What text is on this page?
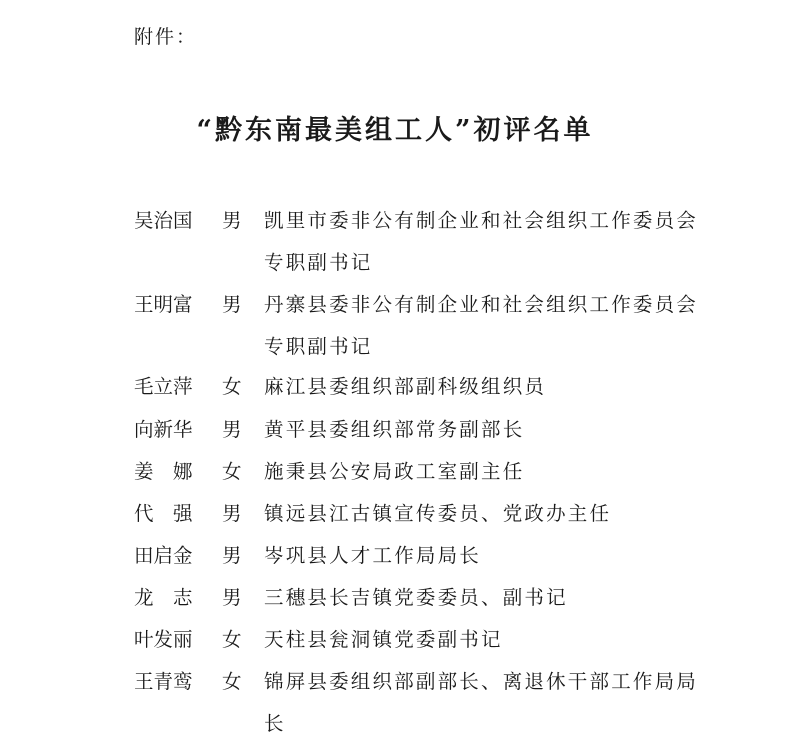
附件：
“黔东南最美组工人”初评名单
吴治国	男 凯里市委非公有制企业和社会组织工作委员会专职副书记
王明富	男 丹寨县委非公有制企业和社会组织工作委员会专职副书记
毛立萍	女 麻江县委组织部副科级组织员
向新华	男 黄平县委组织部常务副部长
姜　娜	女 施秉县公安局政工室副主任
代　强	男 镇远县江古镇宣传委员、党政办主任
田启金	男 岑巩县人才工作局局长
龙　志	男 三穗县长吉镇党委委员、副书记
叶发丽	女 天柱县瓮洞镇党委副书记
王青鸾	女 锦屏县委组织部副部长、离退休干部工作局局长
